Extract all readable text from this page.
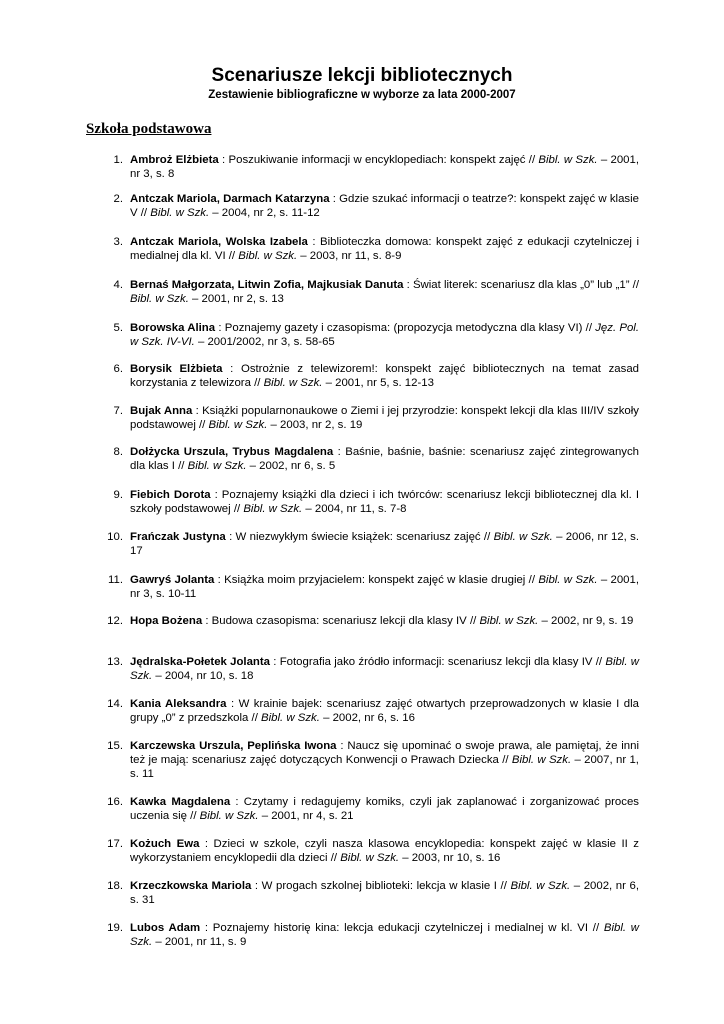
Scenariusze lekcji bibliotecznych
Zestawienie bibliograficzne w wyborze za lata 2000-2007
Szkoła podstawowa
1. Ambroż Elżbieta : Poszukiwanie informacji w encyklopediach: konspekt zajęć // Bibl. w Szk. – 2001, nr 3, s. 8
2. Antczak Mariola, Darmach Katarzyna : Gdzie szukać informacji o teatrze?: konspekt zajęć w klasie V // Bibl. w Szk. – 2004, nr 2, s. 11-12
3. Antczak Mariola, Wolska Izabela : Biblioteczka domowa: konspekt zajęć z edukacji czytelniczej i medialnej dla kl. VI // Bibl. w Szk. – 2003, nr 11, s. 8-9
4. Bernaś Małgorzata, Litwin Zofia, Majkusiak Danuta : Świat literek: scenariusz dla klas „0” lub „1” // Bibl. w Szk. – 2001, nr 2, s. 13
5. Borowska Alina : Poznajemy gazety i czasopisma: (propozycja metodyczna dla klasy VI) // Jęz. Pol. w Szk. IV-VI. – 2001/2002, nr 3, s. 58-65
6. Borysik Elżbieta : Ostrożnie z telewizorem!: konspekt zajęć bibliotecznych na temat zasad korzystania z telewizora // Bibl. w Szk. – 2001, nr 5, s. 12-13
7. Bujak Anna : Książki popularnonaukowe o Ziemi i jej przyrodzie: konspekt lekcji dla klas III/IV szkoły podstawowej // Bibl. w Szk. – 2003, nr 2, s. 19
8. Dołżycka Urszula, Trybus Magdalena : Baśnie, baśnie, baśnie: scenariusz zajęć zintegrowanych dla klas I // Bibl. w Szk. – 2002, nr 6, s. 5
9. Fiebich Dorota : Poznajemy książki dla dzieci i ich twórców: scenariusz lekcji bibliotecznej dla kl. I szkoły podstawowej // Bibl. w Szk. – 2004, nr 11, s. 7-8
10. Frańczak Justyna : W niezwykłym świecie książek: scenariusz zajęć // Bibl. w Szk. – 2006, nr 12, s. 17
11. Gawryś Jolanta : Książka moim przyjacielem: konspekt zajęć w klasie drugiej // Bibl. w Szk. – 2001, nr 3, s. 10-11
12. Hopa Bożena : Budowa czasopisma: scenariusz lekcji dla klasy IV // Bibl. w Szk. – 2002, nr 9, s. 19
13. Jędralska-Połetek Jolanta : Fotografia jako źródło informacji: scenariusz lekcji dla klasy IV // Bibl. w Szk. – 2004, nr 10, s. 18
14. Kania Aleksandra : W krainie bajek: scenariusz zajęć otwartych przeprowadzonych w klasie I dla grupy „0” z przedszkola // Bibl. w Szk. – 2002, nr 6, s. 16
15. Karczewska Urszula, Peplińska Iwona : Naucz się upominać o swoje prawa, ale pamiętaj, że inni też je mają: scenariusz zajęć dotyczących Konwencji o Prawach Dziecka // Bibl. w Szk. – 2007, nr 1, s. 11
16. Kawka Magdalena : Czytamy i redagujemy komiks, czyli jak zaplanować i zorganizować proces uczenia się // Bibl. w Szk. – 2001, nr 4, s. 21
17. Kożuch Ewa : Dzieci w szkole, czyli nasza klasowa encyklopedia: konspekt zajęć w klasie II z wykorzystaniem encyklopedii dla dzieci // Bibl. w Szk. – 2003, nr 10, s. 16
18. Krzeczkowska Mariola : W progach szkolnej biblioteki: lekcja w klasie I // Bibl. w Szk. – 2002, nr 6, s. 31
19. Lubos Adam : Poznajemy historię kina: lekcja edukacji czytelniczej i medialnej w kl. VI // Bibl. w Szk. – 2001, nr 11, s. 9
